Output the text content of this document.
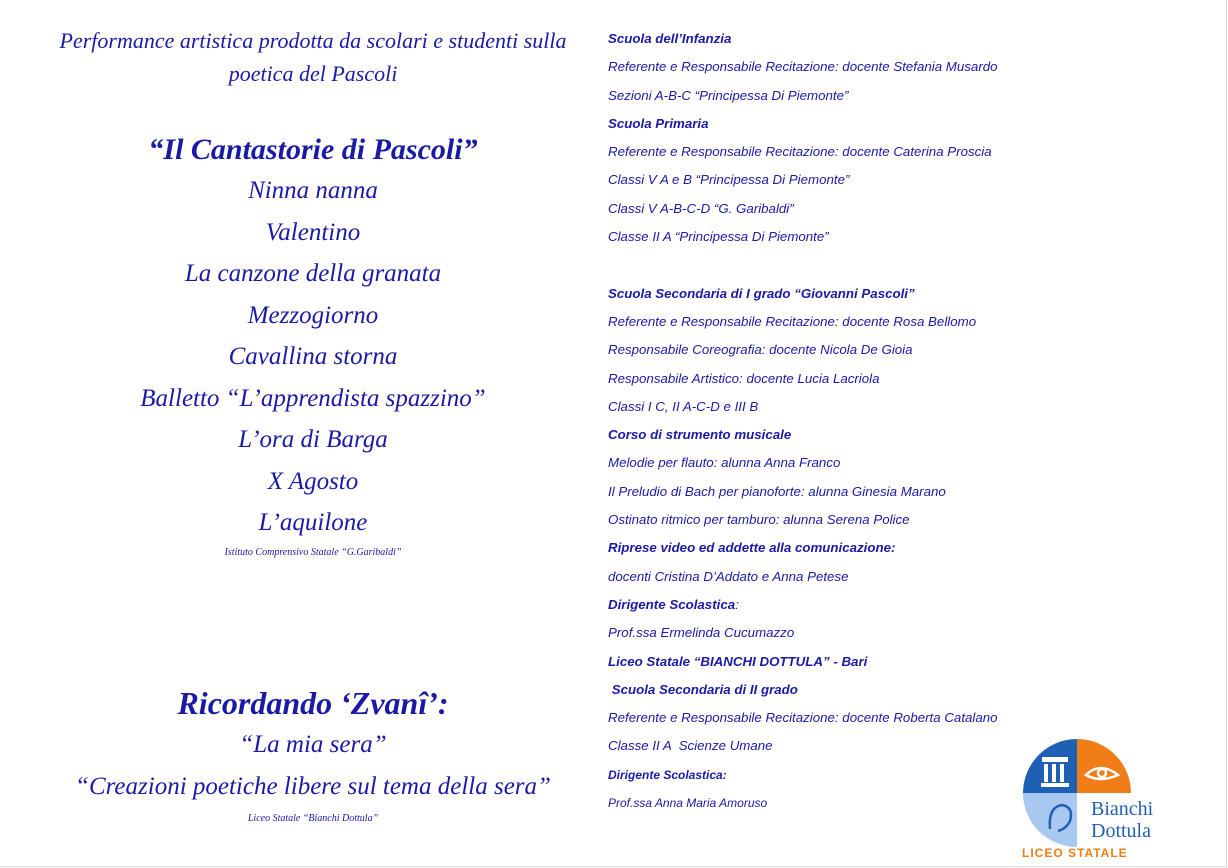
Performance artistica prodotta da scolari e studenti sulla

poetica del Pascoli

“Il Cantastorie di Pascoli”
Ninna nanna
Valentino
La canzone della granata
Mezzogiorno
Cavallina storna
Balletto “L’apprendista spazzino”
L’ora di Barga
X Agosto
L’aquilone
Istituto Comprensivo Statale “G.Garibaldi”
Ricordando ‘Zvanî’:
“La mia sera”
“Creazioni poetiche libere sul tema della sera”
Liceo Statale “Bianchi Dottula”
Scuola dell’Infanzia
Referente e Responsabile Recitazione: docente Stefania Musardo
Sezioni A-B-C “Principessa Di Piemonte”
Scuola Primaria
Referente e Responsabile Recitazione: docente Caterina Proscia
Classi V A e B “Principessa Di Piemonte”
Classi V A-B-C-D “G. Garibaldi”
Classe II A “Principessa Di Piemonte”
Scuola Secondaria di I grado “Giovanni Pascoli”
Referente e Responsabile Recitazione: docente Rosa Bellomo
Responsabile Coreografia: docente Nicola De Gioia
Responsabile Artistico: docente Lucia Lacriola
Classi I C, II A-C-D e III B
Corso di strumento musicale
Melodie per flauto: alunna Anna Franco
Il Preludio di Bach per pianoforte: alunna Ginesia Marano
Ostinato ritmico per tamburo: alunna Serena Police
Riprese video ed addette alla comunicazione:
docenti Cristina D’Addato e Anna Petese
Dirigente Scolastica:
Prof.ssa Ermelinda Cucumazzo
Liceo Statale “BIANCHI DOTTULA” - Bari
Scuola Secondaria di II grado
Referente e Responsabile Recitazione: docente Roberta Catalano
Classe II A  Scienze Umane
Dirigente Scolastica:
Prof.ssa Anna Maria Amoruso	Bianchi
Dottula
LICEO STATALE
